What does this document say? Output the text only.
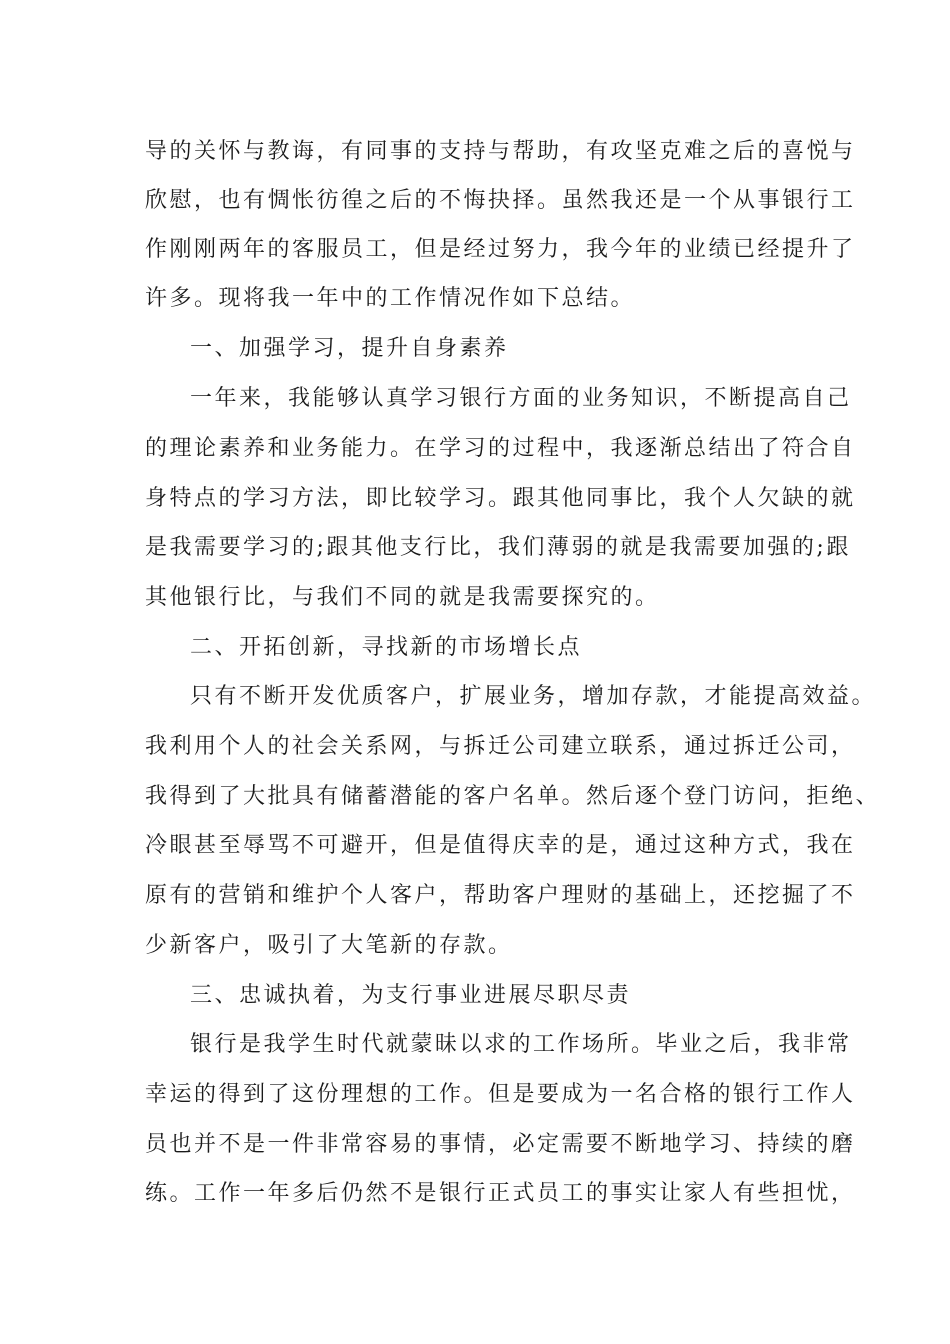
导的关怀与教诲，有同事的支持与帮助，有攻坚克难之后的喜悦与

欣慰，也有惆怅彷徨之后的不悔抉择。虽然我还是一个从事银行工

作刚刚两年的客服员工，但是经过努力，我今年的业绩已经提升了

许多。现将我一年中的工作情况作如下总结。

一、加强学习，提升自身素养

一年来，我能够认真学习银行方面的业务知识，不断提高自己

的理论素养和业务能力。在学习的过程中，我逐渐总结出了符合自

身特点的学习方法，即比较学习。跟其他同事比，我个人欠缺的就

是我需要学习的;跟其他支行比，我们薄弱的就是我需要加强的;跟

其他银行比，与我们不同的就是我需要探究的。

二、开拓创新，寻找新的市场增长点

只有不断开发优质客户，扩展业务，增加存款，才能提高效益。

我利用个人的社会关系网，与拆迁公司建立联系，通过拆迁公司，

我得到了大批具有储蓄潜能的客户名单。然后逐个登门访问，拒绝、

冷眼甚至辱骂不可避开，但是值得庆幸的是，通过这种方式，我在

原有的营销和维护个人客户，帮助客户理财的基础上，还挖掘了不

少新客户，吸引了大笔新的存款。

三、忠诚执着，为支行事业进展尽职尽责

银行是我学生时代就蒙昧以求的工作场所。毕业之后，我非常

幸运的得到了这份理想的工作。但是要成为一名合格的银行工作人

员也并不是一件非常容易的事情，必定需要不断地学习、持续的磨

练。工作一年多后仍然不是银行正式员工的事实让家人有些担忧，
